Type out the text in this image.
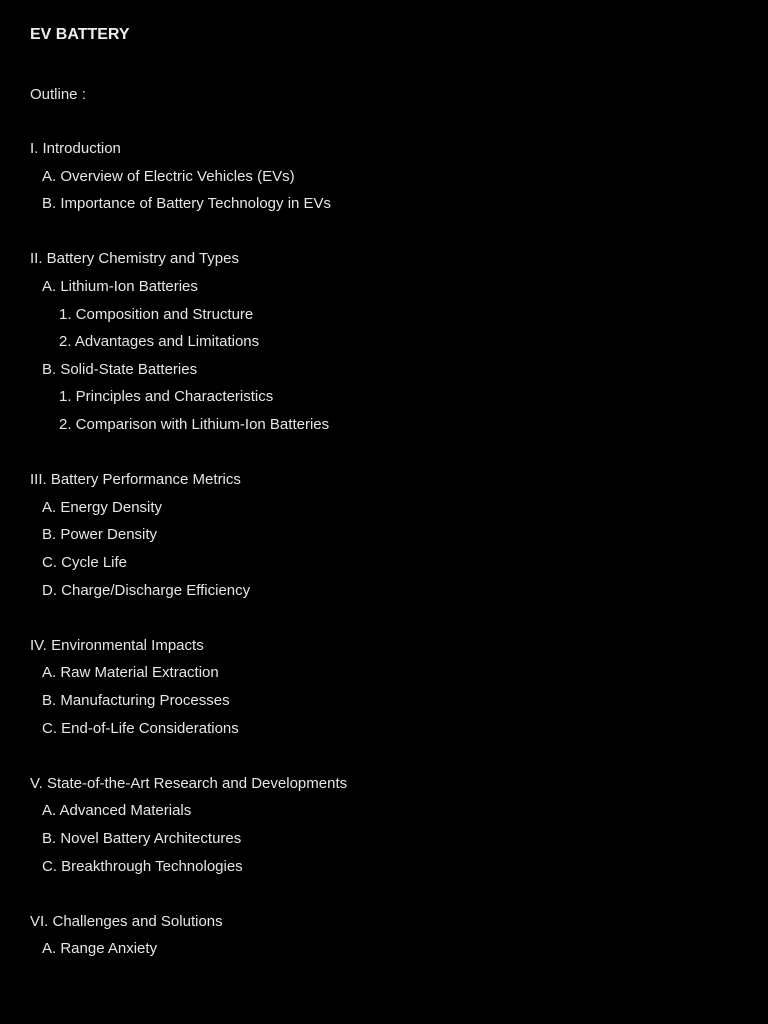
EV BATTERY
Outline :
I. Introduction
A. Overview of Electric Vehicles (EVs)
B. Importance of Battery Technology in EVs
II. Battery Chemistry and Types
A. Lithium-Ion Batteries
1. Composition and Structure
2. Advantages and Limitations
B. Solid-State Batteries
1. Principles and Characteristics
2. Comparison with Lithium-Ion Batteries
III. Battery Performance Metrics
A. Energy Density
B. Power Density
C. Cycle Life
D. Charge/Discharge Efficiency
IV. Environmental Impacts
A. Raw Material Extraction
B. Manufacturing Processes
C. End-of-Life Considerations
V. State-of-the-Art Research and Developments
A. Advanced Materials
B. Novel Battery Architectures
C. Breakthrough Technologies
VI. Challenges and Solutions
A. Range Anxiety
